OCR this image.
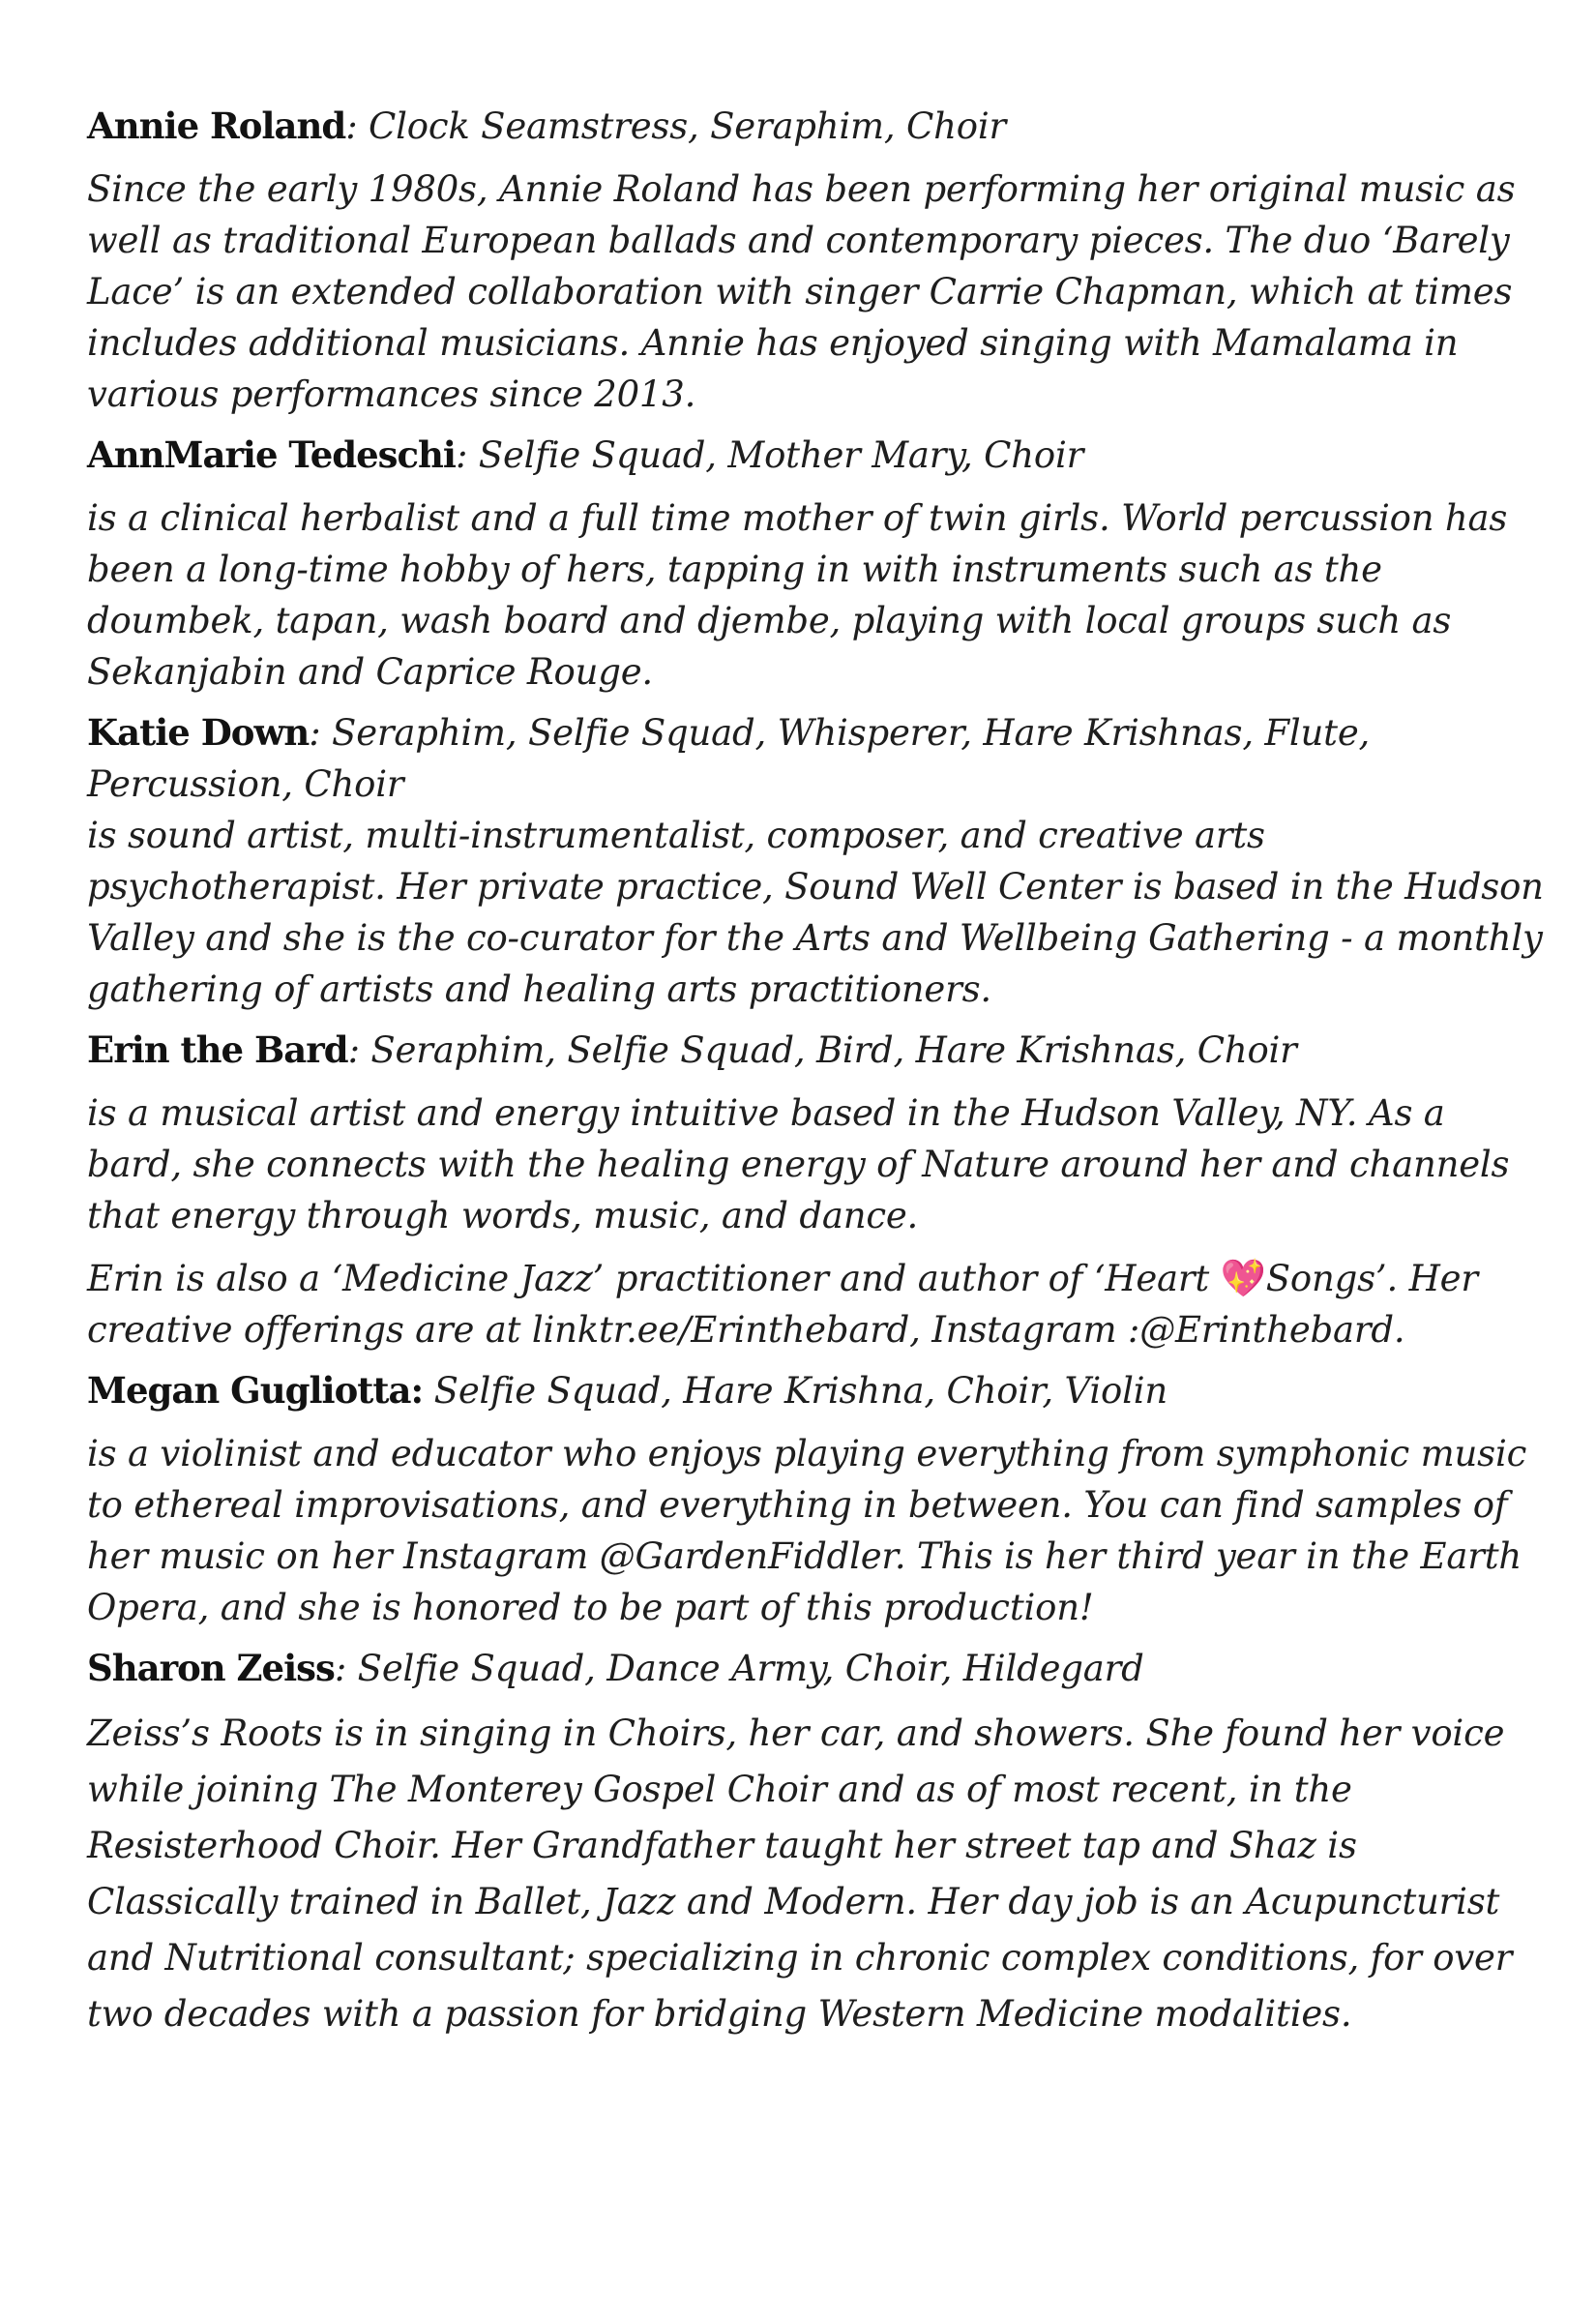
Annie Roland: Clock Seamstress, Seraphim, Choir

Since the early 1980s, Annie Roland has been performing her original music as well as traditional European ballads and contemporary pieces. The duo ‘Barely Lace’ is an extended collaboration with singer Carrie Chapman, which at times includes additional musicians. Annie has enjoyed singing with Mamalama in various performances since 2013.

AnnMarie Tedeschi: Selfie Squad, Mother Mary, Choir

is a clinical herbalist and a full time mother of twin girls. World percussion has been a long-time hobby of hers, tapping in with instruments such as the doumbek, tapan, wash board and djembe, playing with local groups such as Sekanjabin and Caprice Rouge.

Katie Down: Seraphim, Selfie Squad, Whisperer, Hare Krishnas, Flute, Percussion, Choir

is sound artist, multi-instrumentalist, composer, and creative arts psychotherapist. Her private practice, Sound Well Center is based in the Hudson Valley and she is the co-curator for the Arts and Wellbeing Gathering - a monthly gathering of artists and healing arts practitioners.

Erin the Bard: Seraphim, Selfie Squad, Bird, Hare Krishnas, Choir

is a musical artist and energy intuitive based in the Hudson Valley, NY. As a bard, she connects with the healing energy of Nature around her and channels that energy through words, music, and dance.

Erin is also a ‘Medicine Jazz’ practitioner and author of ‘Heart 💖Songs’. Her creative offerings are at linktr.ee/Erinthebard, Instagram :@Erinthebard.

Megan Gugliotta: Selfie Squad, Hare Krishna, Choir, Violin

is a violinist and educator who enjoys playing everything from symphonic music to ethereal improvisations, and everything in between. You can find samples of her music on her Instagram @GardenFiddler. This is her third year in the Earth Opera, and she is honored to be part of this production!

Sharon Zeiss: Selfie Squad, Dance Army, Choir, Hildegard

Zeiss’s Roots is in singing in Choirs, her car, and showers. She found her voice while joining The Monterey Gospel Choir and as of most recent, in the Resisterhood Choir. Her Grandfather taught her street tap and Shaz is Classically trained in Ballet, Jazz and Modern. Her day job is an Acupuncturist and Nutritional consultant; specializing in chronic complex conditions, for over two decades with a passion for bridging Western Medicine modalities.
